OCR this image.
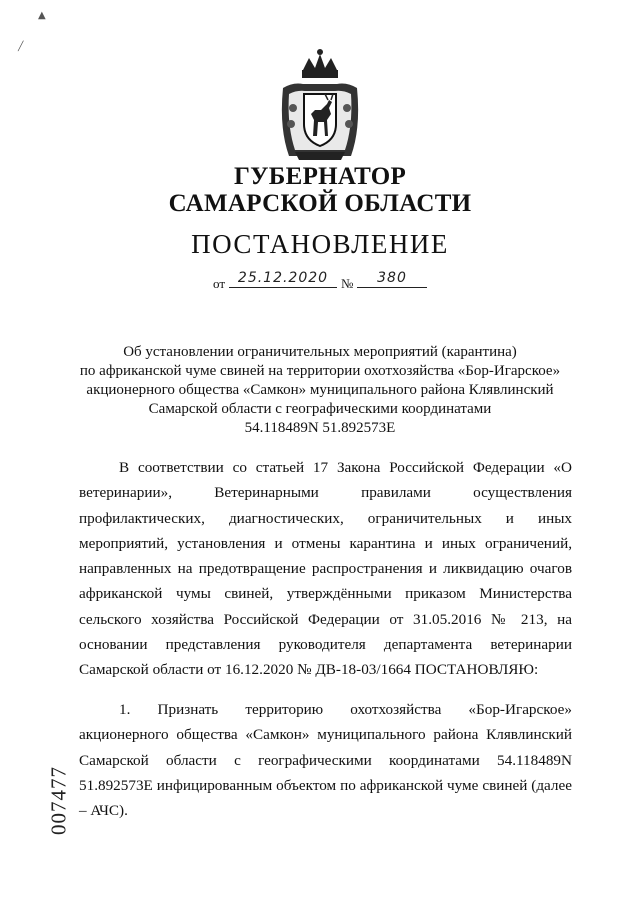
▲
╱
ГУБЕРНАТОР
САМАРСКОЙ ОБЛАСТИ
ПОСТАНОВЛЕНИЕ
от 25.12.2020 №	380
Об установлении ограничительных мероприятий (карантина)
по африканской чуме свиней на территории охотхозяйства «Бор-Игарское»
акционерного общества «Самкон» муниципального района Клявлинский
Самарской области с географическими координатами
54.118489N 51.892573E
В соответствии со статьей 17 Закона Российской Федерации «О ветеринарии», Ветеринарными правилами осуществления профилактических, диагностических, ограничительных и иных мероприятий, установления и отмены карантина и иных ограничений, направленных на предотвращение распространения и ликвидацию очагов африканской чумы свиней, утверждёнными приказом Министерства сельского хозяйства Российской Федерации от 31.05.2016 № 213, на основании представления руководителя департамента ветеринарии Самарской области от 16.12.2020 № ДВ-18-03/1664 ПОСТАНОВЛЯЮ:
1. Признать территорию охотхозяйства «Бор-Игарское» акционерного общества «Самкон» муниципального района Клявлинский Самарской области с географическими координатами 54.118489N 51.892573E инфицированным объектом по африканской чуме свиней (далее – АЧС).
007477
